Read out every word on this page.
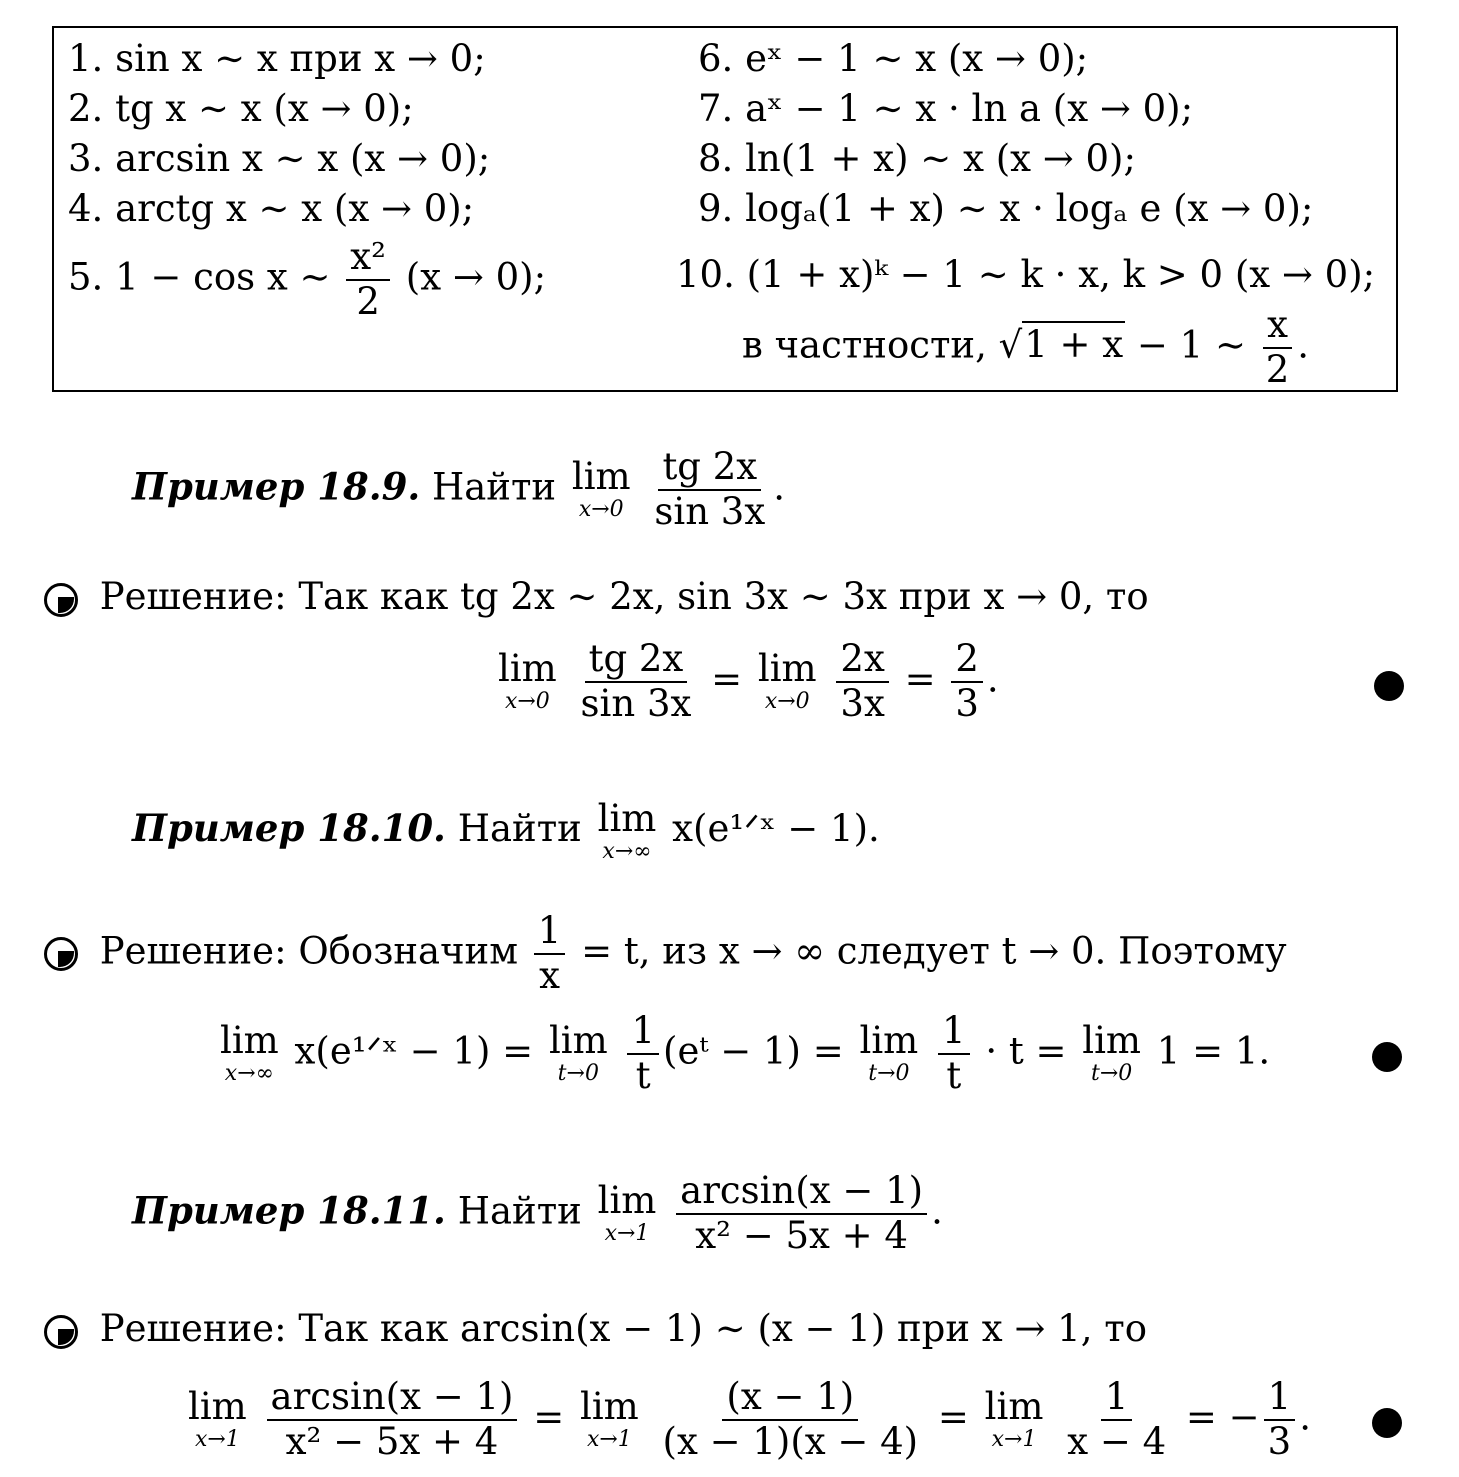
1. sin x ∼ x при x → 0;
2. tg x ∼ x (x → 0);
3. arcsin x ∼ x (x → 0);
4. arctg x ∼ x (x → 0);
5. 1 − cos x ∼ $\frac{\text{x²}}{2} (x \to 0)$;
6. eˣ − 1 ∼ x (x → 0);
7. aˣ − 1 ∼ x · ln a (x → 0);
8. ln(1 + x) ∼ x (x → 0);
9. logₐ(1 + x) ∼ x · logₐ e (x → 0);
10. (1 + x)ᵏ − 1 ∼ k · x, k > 0 (x → 0);
в частности, √1 + x − 1 ∼ $\frac{x}{2}$ .
Пример 18.9. Найти lim
x→0
$\frac{tg 2x}{\sin 3x}$ .
Решение: Так как tg 2x ∼ 2x, sin 3x ∼ 3x при x → 0, то
lim
x→0
$\frac{tg 2x}{\sin 3x} = \lim$
x→0
$\frac{2x}{3x} = \frac{2}{3}$ .
Пример 18.10. Найти lim
x→∞
x(e¹ᐟˣ − 1).
Решение: Обозначим $\frac{1}{x} = t$, из x → ∞ следует t → 0. Поэтому
lim
x→∞
x(e¹ᐟˣ − 1) = lim
t→0
$\frac{1}{t}$ (eᵗ − 1) = lim
t→0
$\frac{1}{t} \cdot t = \lim$
t→0
1 = 1.
Пример 18.11. Найти lim
x→1
$\frac{\arcsin(x - 1)}{\text{x² − 5x + 4}}$ .
Решение: Так как arcsin(x − 1) ∼ (x − 1) при x → 1, то
lim
x→1
$\frac{\arcsin(x - 1)}{\text{x² − 5x + 4}} = \lim$
x→1
$\frac{(x - 1)}{(x - 1)(x - 4)} = \lim$
x→1
$\frac{1}{x - 4}$ = − $\frac{1}{3}$ .
